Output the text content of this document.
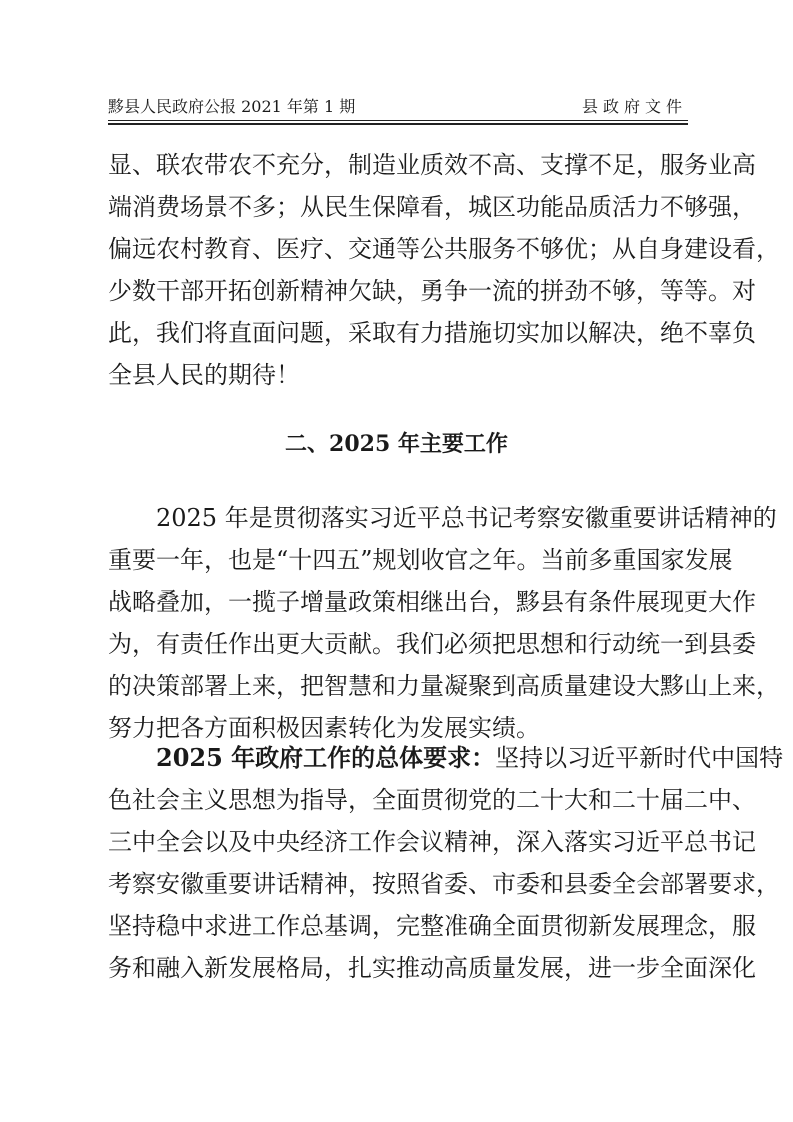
黟县人民政府公报 2021 年第 1 期	县政府文件
显、联农带农不充分，制造业质效不高、支撑不足，服务业高
端消费场景不多；从民生保障看，城区功能品质活力不够强，
偏远农村教育、医疗、交通等公共服务不够优；从自身建设看，
少数干部开拓创新精神欠缺，勇争一流的拼劲不够，等等。对
此，我们将直面问题，采取有力措施切实加以解决，绝不辜负
全县人民的期待！
二、2025 年主要工作
2025 年是贯彻落实习近平总书记考察安徽重要讲话精神的
重要一年，也是“十四五”规划收官之年。当前多重国家发展
战略叠加，一揽子增量政策相继出台，黟县有条件展现更大作
为，有责任作出更大贡献。我们必须把思想和行动统一到县委
的决策部署上来，把智慧和力量凝聚到高质量建设大黟山上来，
努力把各方面积极因素转化为发展实绩。
2025 年政府工作的总体要求：坚持以习近平新时代中国特
色社会主义思想为指导，全面贯彻党的二十大和二十届二中、
三中全会以及中央经济工作会议精神，深入落实习近平总书记
考察安徽重要讲话精神，按照省委、市委和县委全会部署要求，
坚持稳中求进工作总基调，完整准确全面贯彻新发展理念，服
务和融入新发展格局，扎实推动高质量发展，进一步全面深化
